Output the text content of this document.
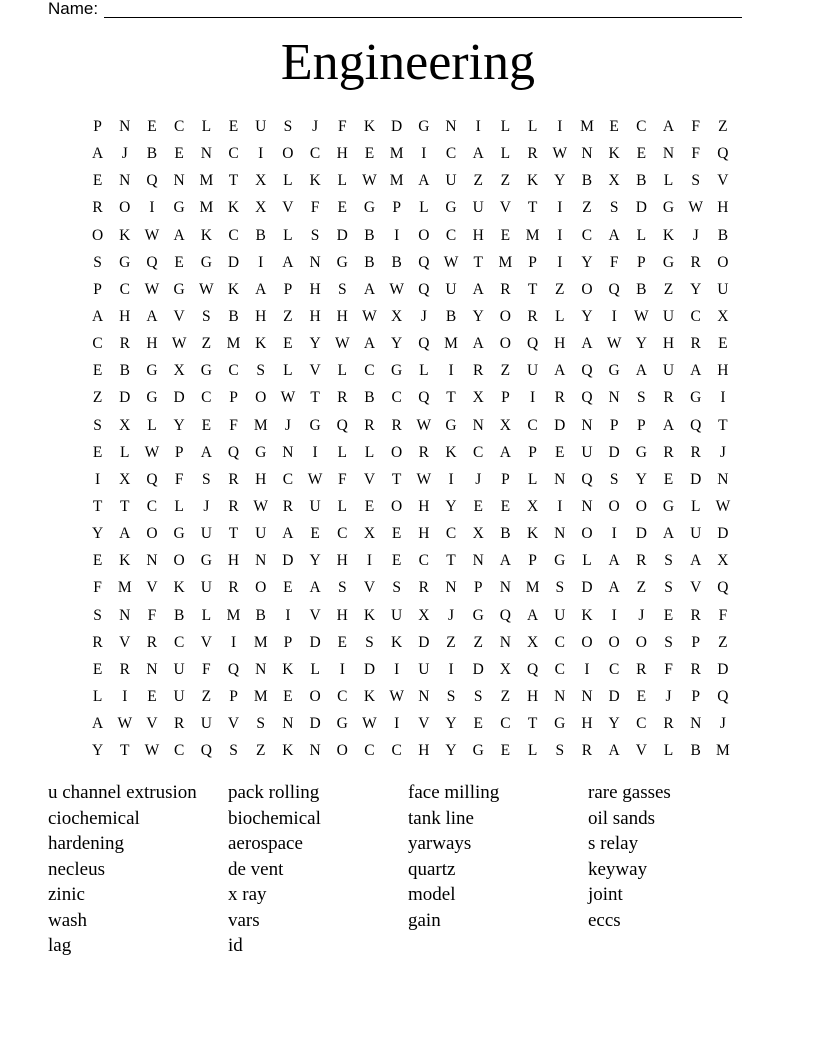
Name:
Engineering
P	N	E	C	L	E	U	S	J	F	K	D	G	N	I	L	L	I	M	E	C	A	F	Z
A	J	B	E	N	C	I	O	C	H	E	M	I	C	A	L	R W N	K	E	N	F	Q
E	N	Q	N M	T	X	L	K	L W M A	U	Z	Z	K	Y	B	X	B	L	S	V
R	O	I	G M K	X	V	F	E	G	P	L	G	U	V	T	I	Z	S	D	G W H
O	K W A	K	C	B	L	S	D	B	I	O	C	H	E	M	I	C	A	L	K	J	B
S	G	Q	E	G	D	I	A	N	G	B	B	Q W T	M	P	I	Y	F	P	G	R	O
P	C W G W K	A	P	H	S	A W Q	U	A	R	T	Z	O	Q	B	Z	Y	U
A	H	A	V	S	B	H	Z	H	H W X	J	B	Y	O	R	L	Y	I	W U	C	X
C	R	H W Z	M K	E	Y W A	Y	Q M A	O	Q	H	A W Y	H	R	E
E	B	G	X	G	C	S	L	V	L	C	G	L	I	R	Z	U	A	Q	G	A	U	A	H
Z	D	G	D	C	P	O W T	R	B	C	Q	T	X	P	I	R	Q	N	S	R	G	I
S	X	L	Y	E	F	M	J	G	Q	R	R W G	N	X	C	D	N	P	P	A	Q	T
E	L W	P	A	Q	G	N	I	L	L	O	R	K	C	A	P	E	U	D	G	R	R	J
I	X	Q	F	S	R	H	C W	F	V	T W	I	J	P	L	N	Q	S	Y	E	D	N
T	T	C	L	J	R W R	U	L	E	O	H	Y	E	E	X	I	N	O	O	G	L W
Y	A	O	G	U	T	U	A	E	C	X	E	H	C	X	B	K	N	O	I	D	A	U	D
E	K	N	O	G	H	N	D	Y	H	I	E	C	T	N	A	P	G	L	A	R	S	A	X
F	M V	K	U	R	O	E	A	S	V	S	R	N	P	N M	S	D	A	Z	S	V	Q
S	N	F	B	L	M B	I	V	H	K	U	X	J	G	Q	A	U	K	I	J	E	R	F
R	V	R	C	V	I	M	P	D	E	S	K	D	Z	Z	N	X	C	O	O	O	S	P	Z
E	R	N	U	F	Q	N	K	L	I	D	I	U	I	D	X	Q	C	I	C	R	F	R	D
L	I	E	U	Z	P	M	E	O	C	K W N	S	S	Z	H	N	N	D	E	J	P	Q
A W V	R	U	V	S	N	D	G W	I	V	Y	E	C	T	G	H	Y	C	R	N	J
Y	T W C	Q	S	Z	K	N	O	C	C	H	Y	G	E	L	S	R	A	V	L	B M
u channel extrusion
ciochemical
hardening
necleus
zinic
wash
lag
pack rolling
biochemical
aerospace
de vent
x ray
vars
id
face milling
tank line
yarways
quartz
model
gain
rare gasses
oil sands
s relay
keyway
joint
eccs
